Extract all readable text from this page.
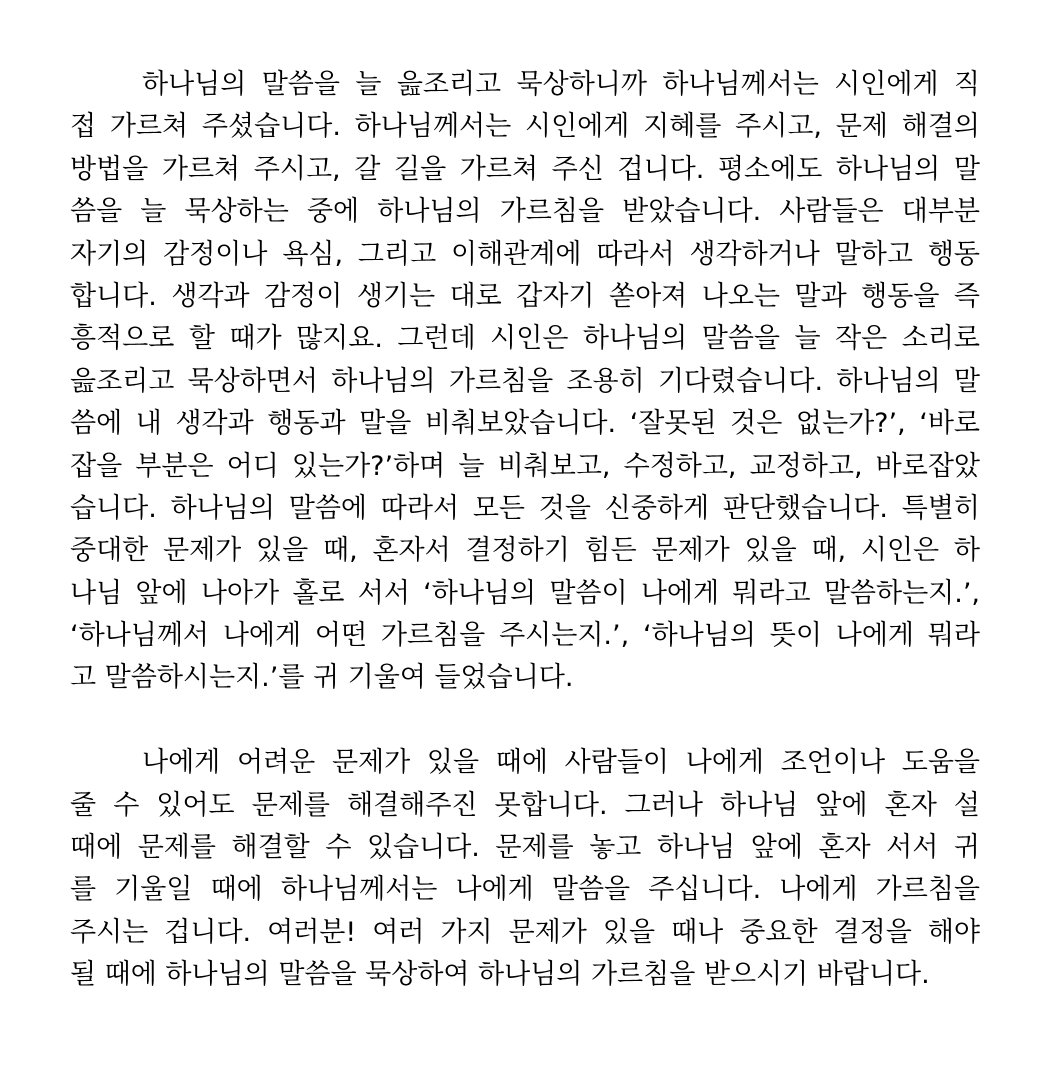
하나님의 말씀을 늘 읊조리고 묵상하니까 하나님께서는 시인에게 직
접 가르쳐 주셨습니다. 하나님께서는 시인에게 지혜를 주시고, 문제 해결의
방법을 가르쳐 주시고, 갈 길을 가르쳐 주신 겁니다. 평소에도 하나님의 말
씀을 늘 묵상하는 중에 하나님의 가르침을 받았습니다. 사람들은 대부분
자기의 감정이나 욕심, 그리고 이해관계에 따라서 생각하거나 말하고 행동
합니다. 생각과 감정이 생기는 대로 갑자기 쏟아져 나오는 말과 행동을 즉
흥적으로 할 때가 많지요. 그런데 시인은 하나님의 말씀을 늘 작은 소리로
읊조리고 묵상하면서 하나님의 가르침을 조용히 기다렸습니다. 하나님의 말
씀에 내 생각과 행동과 말을 비춰보았습니다. ‘잘못된 것은 없는가?’, ‘바로
잡을 부분은 어디 있는가?’하며 늘 비춰보고, 수정하고, 교정하고, 바로잡았
습니다. 하나님의 말씀에 따라서 모든 것을 신중하게 판단했습니다. 특별히
중대한 문제가 있을 때, 혼자서 결정하기 힘든 문제가 있을 때, 시인은 하
나님 앞에 나아가 홀로 서서 ‘하나님의 말씀이 나에게 뭐라고 말씀하는지.’,
‘하나님께서 나에게 어떤 가르침을 주시는지.’, ‘하나님의 뜻이 나에게 뭐라
고 말씀하시는지.’를 귀 기울여 들었습니다.
나에게 어려운 문제가 있을 때에 사람들이 나에게 조언이나 도움을
줄 수 있어도 문제를 해결해주진 못합니다. 그러나 하나님 앞에 혼자 설
때에 문제를 해결할 수 있습니다. 문제를 놓고 하나님 앞에 혼자 서서 귀
를 기울일 때에 하나님께서는 나에게 말씀을 주십니다. 나에게 가르침을
주시는 겁니다. 여러분! 여러 가지 문제가 있을 때나 중요한 결정을 해야
될 때에 하나님의 말씀을 묵상하여 하나님의 가르침을 받으시기 바랍니다.
